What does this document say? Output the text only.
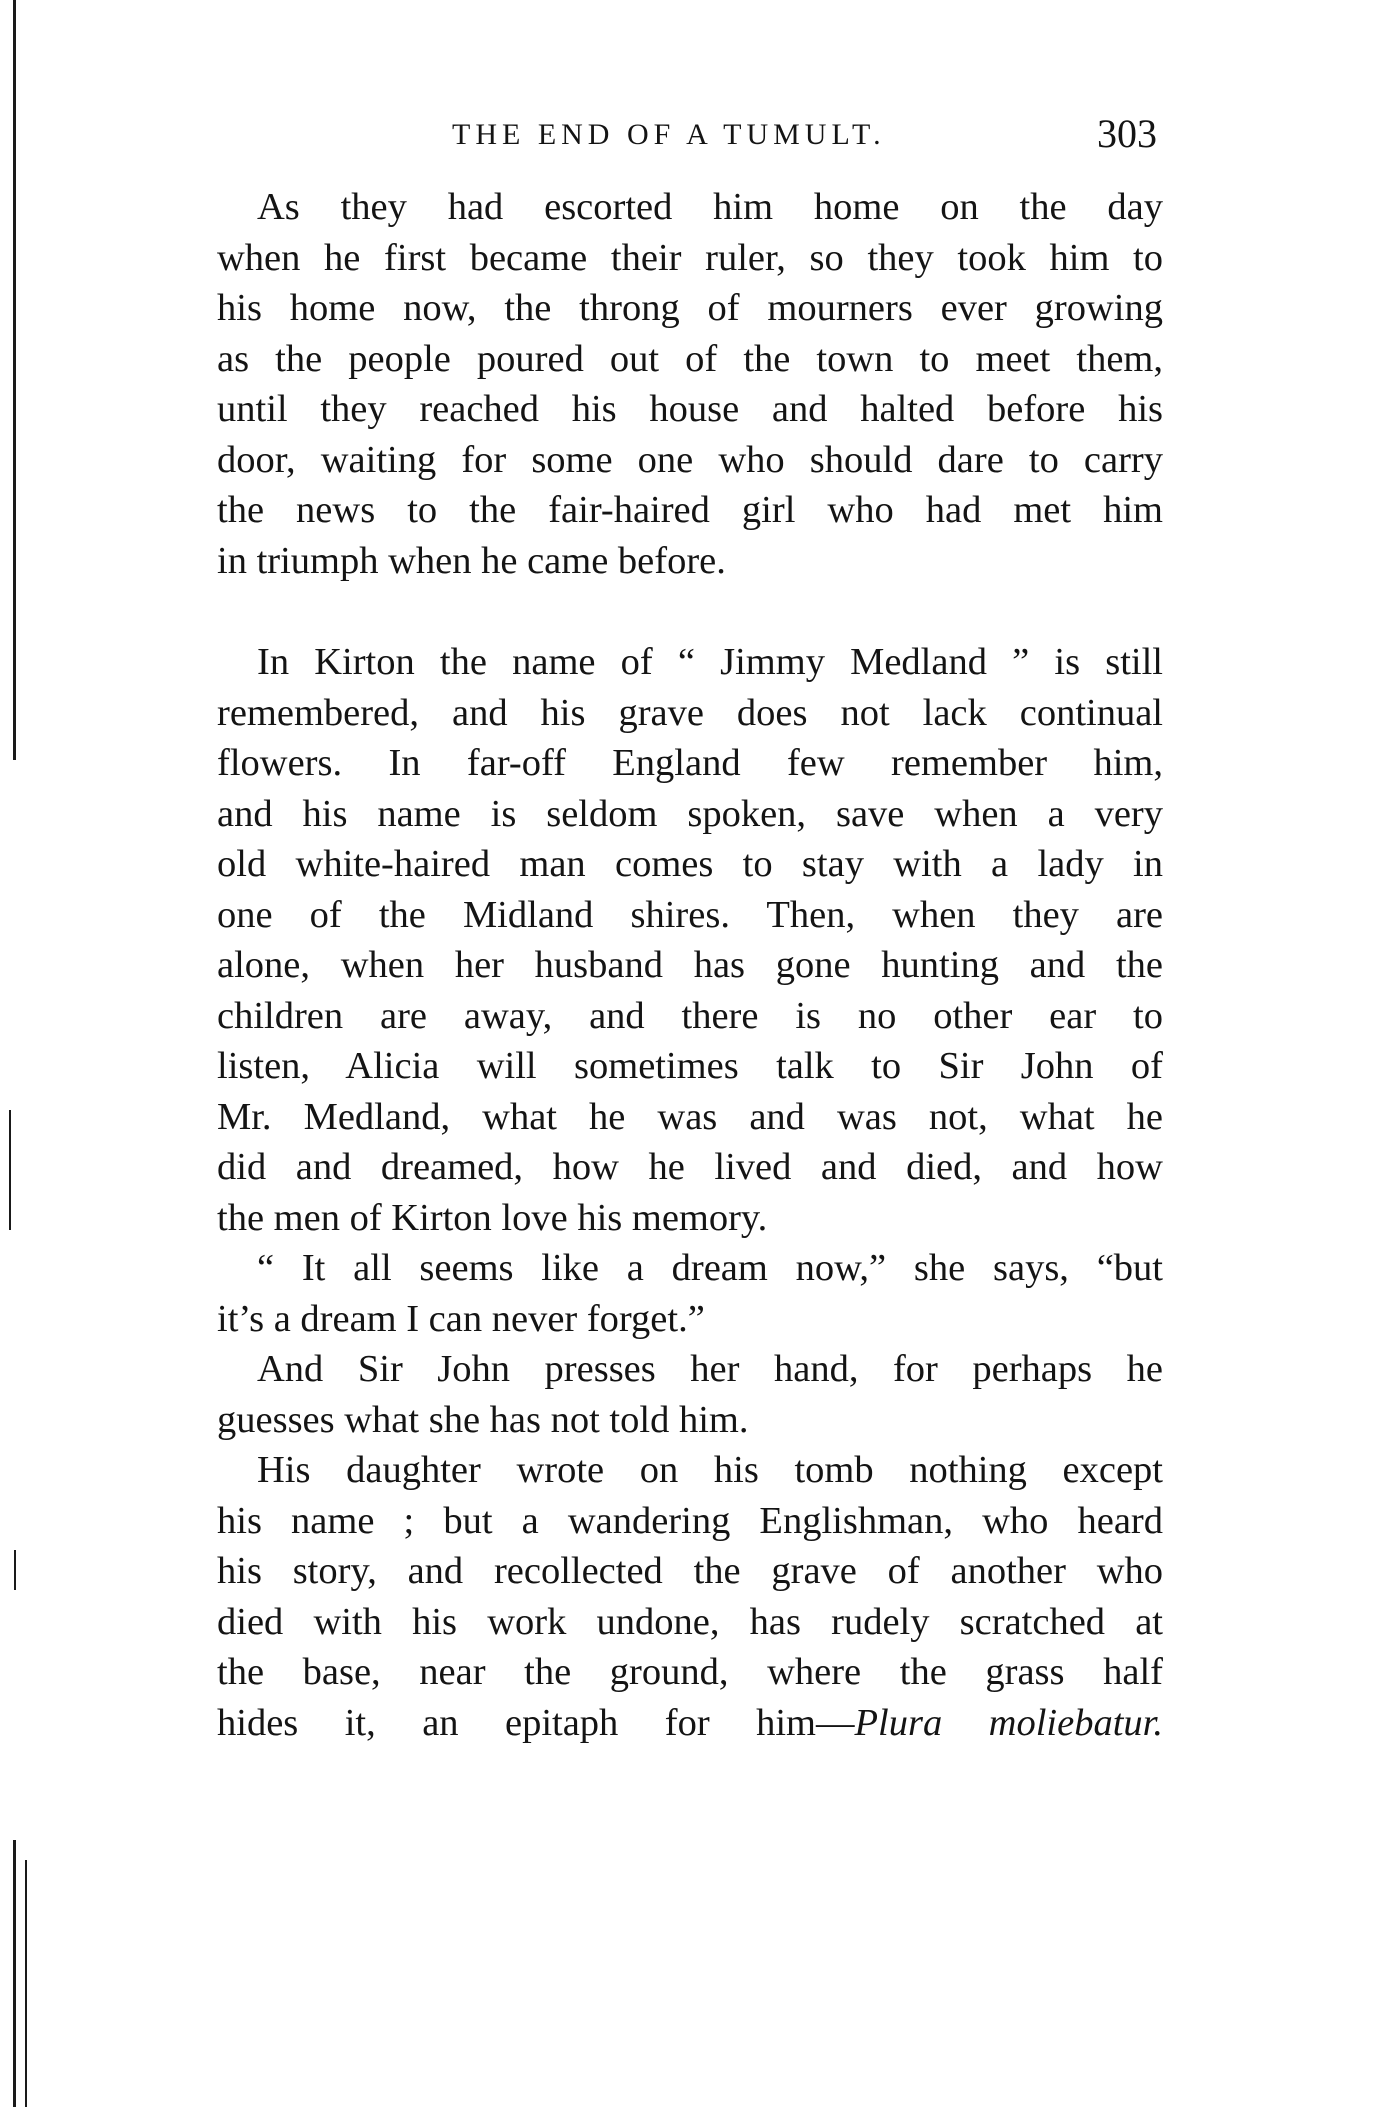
THE END OF A TUMULT.	303
As they had escorted him home on the day
when he first became their ruler, so they took him to
his home now, the throng of mourners ever growing
as the people poured out of the town to meet them,
until they reached his house and halted before his
door, waiting for some one who should dare to carry
the news to the fair-haired girl who had met him
in triumph when he came before.
In Kirton the name of “ Jimmy Medland ” is still
remembered, and his grave does not lack continual
flowers. In far-off England few remember him,
and his name is seldom spoken, save when a very
old white-haired man comes to stay with a lady in
one of the Midland shires. Then, when they are
alone, when her husband has gone hunting and the
children are away, and there is no other ear to
listen, Alicia will sometimes talk to Sir John of
Mr. Medland, what he was and was not, what he
did and dreamed, how he lived and died, and how
the men of Kirton love his memory.
“ It all seems like a dream now,” she says, “but
it’s a dream I can never forget.”
And Sir John presses her hand, for perhaps he
guesses what she has not told him.
His daughter wrote on his tomb nothing except
his name ; but a wandering Englishman, who heard
his story, and recollected the grave of another who
died with his work undone, has rudely scratched at
the base, near the ground, where the grass half
hides it, an epitaph for him—Plura moliebatur.
